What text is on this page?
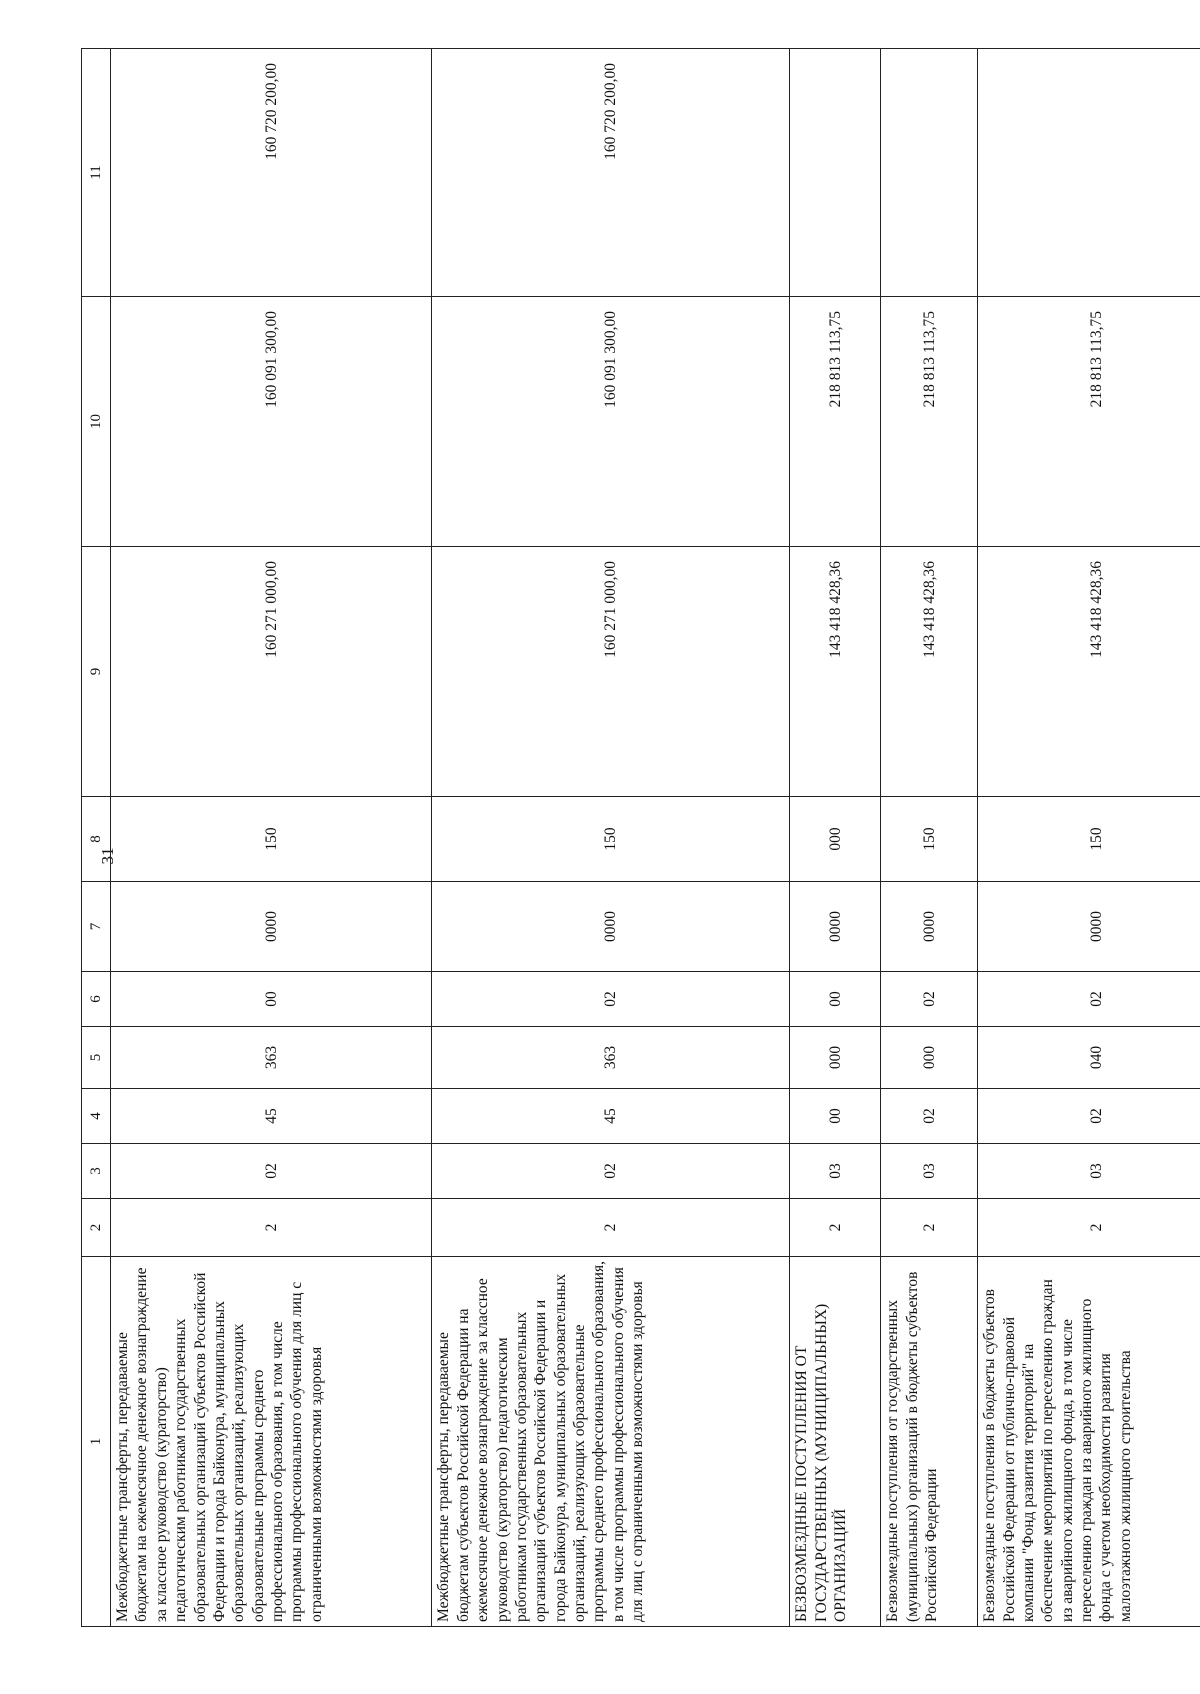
31
1	2	3	4	5	6	7	8	9	10	11
Межбюджетные трансферты, передаваемые бюджетам на ежемесячное денежное вознаграждение за классное руководство (кураторство) педагогическим работникам государственных образовательных организаций субъектов Российской Федерации и города Байконура, муниципальных образовательных организаций, реализующих образовательные программы среднего профессионального образования, в том числе программы профессионального обучения для лиц с ограниченными возможностями здоровья	2	02	45	363	00	0000	150	160 271 000,00	160 091 300,00	160 720 200,00
Межбюджетные трансферты, передаваемые бюджетам субъектов Российской Федерации на ежемесячное денежное вознаграждение за классное руководство (кураторство) педагогическим работникам государственных образовательных организаций субъектов Российской Федерации и города Байконура, муниципальных образовательных организаций, реализующих образовательные программы среднего профессионального образования, в том числе программы профессионального обучения для лиц с ограниченными возможностями здоровья	2	02	45	363	02	0000	150	160 271 000,00	160 091 300,00	160 720 200,00
БЕЗВОЗМЕЗДНЫЕ ПОСТУПЛЕНИЯ ОТ ГОСУДАРСТВЕННЫХ (МУНИЦИПАЛЬНЫХ) ОРГАНИЗАЦИЙ	2	03	00	000	00	0000	000	143 418 428,36	218 813 113,75	
Безвозмездные поступления от государственных (муниципальных) организаций в бюджеты субъектов Российской Федерации	2	03	02	000	02	0000	150	143 418 428,36	218 813 113,75	
Безвозмездные поступления в бюджеты субъектов Российской Федерации от публично-правовой компании "Фонд развития территорий" на обеспечение мероприятий по переселению граждан из аварийного жилищного фонда, в том числе переселению граждан из аварийного жилищного фонда с учетом необходимости развития малоэтажного жилищного строительства	2	03	02	040	02	0000	150	143 418 428,36	218 813 113,75	
